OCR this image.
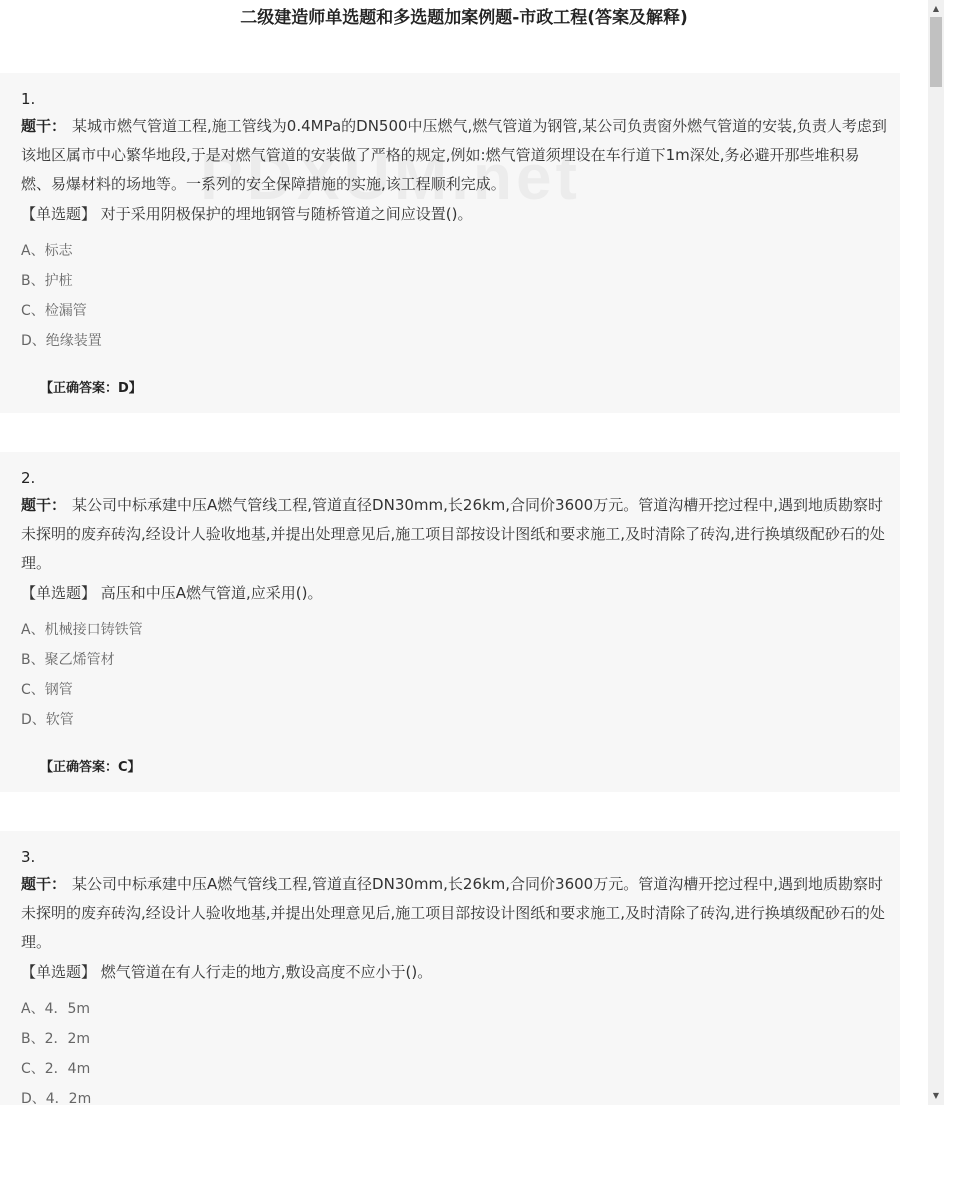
二级建造师单选题和多选题加案例题-市政工程(答案及解释)
1.

题干： 某城市燃气管道工程,施工管线为0.4MPa的DN500中压燃气,燃气管道为钢管,某公司负责窗外燃气管道的安装,负责人考虑到该地区属市中心繁华地段,于是对燃气管道的安装做了严格的规定,例如:燃气管道须埋设在车行道下1m深处,务必避开那些堆积易燃、易爆材料的场地等。一系列的安全保障措施的实施,该工程顺利完成。

【单选题】 对于采用阴极保护的埋地钢管与随桥管道之间应设置()。

A、标志
B、护桩
C、检漏管
D、绝缘装置
【正确答案：D】
2.

题干： 某公司中标承建中压A燃气管线工程,管道直径DN30mm,长26km,合同价3600万元。管道沟槽开挖过程中,遇到地质勘察时未探明的废弃砖沟,经设计人验收地基,并提出处理意见后,施工项目部按设计图纸和要求施工,及时清除了砖沟,进行换填级配砂石的处理。

【单选题】 高压和中压A燃气管道,应采用()。

A、机械接口铸铁管
B、聚乙烯管材
C、钢管
D、软管
【正确答案：C】
3.

题干： 某公司中标承建中压A燃气管线工程,管道直径DN30mm,长26km,合同价3600万元。管道沟槽开挖过程中,遇到地质勘察时未探明的废弃砖沟,经设计人验收地基,并提出处理意见后,施工项目部按设计图纸和要求施工,及时清除了砖沟,进行换填级配砂石的处理。

【单选题】 燃气管道在有人行走的地方,敷设高度不应小于()。

A、4．5m
B、2．2m
C、2．4m
D、4．2m
▲
▼
